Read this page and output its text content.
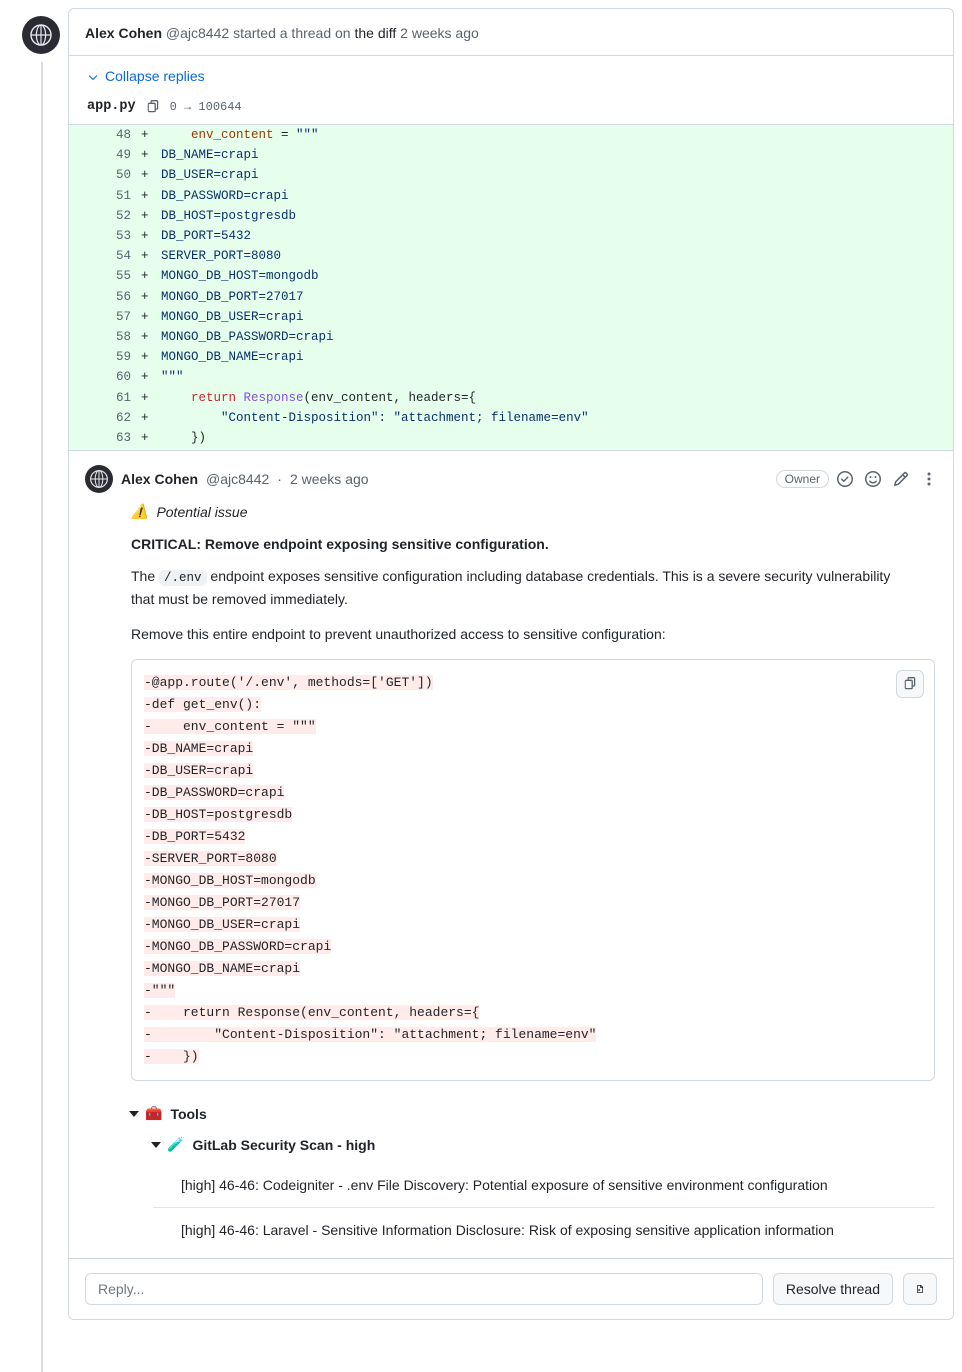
Alex Cohen @ajc8442 started a thread on the diff 2 weeks ago
Collapse replies
app.py	0 → 100644
48 + env_content = """
49 + DB_NAME=crapi
50 + DB_USER=crapi
51 + DB_PASSWORD=crapi
52 + DB_HOST=postgresdb
53 + DB_PORT=5432
54 + SERVER_PORT=8080
55 + MONGO_DB_HOST=mongodb
56 + MONGO_DB_PORT=27017
57 + MONGO_DB_USER=crapi
58 + MONGO_DB_PASSWORD=crapi
59 + MONGO_DB_NAME=crapi
60 + """
61 + return Response(env_content, headers={
62 + "Content-Disposition": "attachment; filename=env"
63 + })
Alex Cohen @ajc8442 · 2 weeks ago	Owner
⚠️ Potential issue
CRITICAL: Remove endpoint exposing sensitive configuration.
The /.env endpoint exposes sensitive configuration including database credentials. This is a severe security vulnerability that must be removed immediately.
Remove this entire endpoint to prevent unauthorized access to sensitive configuration:
-@app.route('/.env', methods=['GET'])
-def get_env():
-    env_content = """
-DB_NAME=crapi
-DB_USER=crapi
-DB_PASSWORD=crapi
-DB_HOST=postgresdb
-DB_PORT=5432
-SERVER_PORT=8080
-MONGO_DB_HOST=mongodb
-MONGO_DB_PORT=27017
-MONGO_DB_USER=crapi
-MONGO_DB_PASSWORD=crapi
-MONGO_DB_NAME=crapi
-"""
-    return Response(env_content, headers={
-        "Content-Disposition": "attachment; filename=env"
-    })
🧰 Tools
🧪 GitLab Security Scan - high
[high] 46-46: Codeigniter - .env File Discovery: Potential exposure of sensitive environment configuration
[high] 46-46: Laravel - Sensitive Information Disclosure: Risk of exposing sensitive application information
Reply...
Resolve thread
